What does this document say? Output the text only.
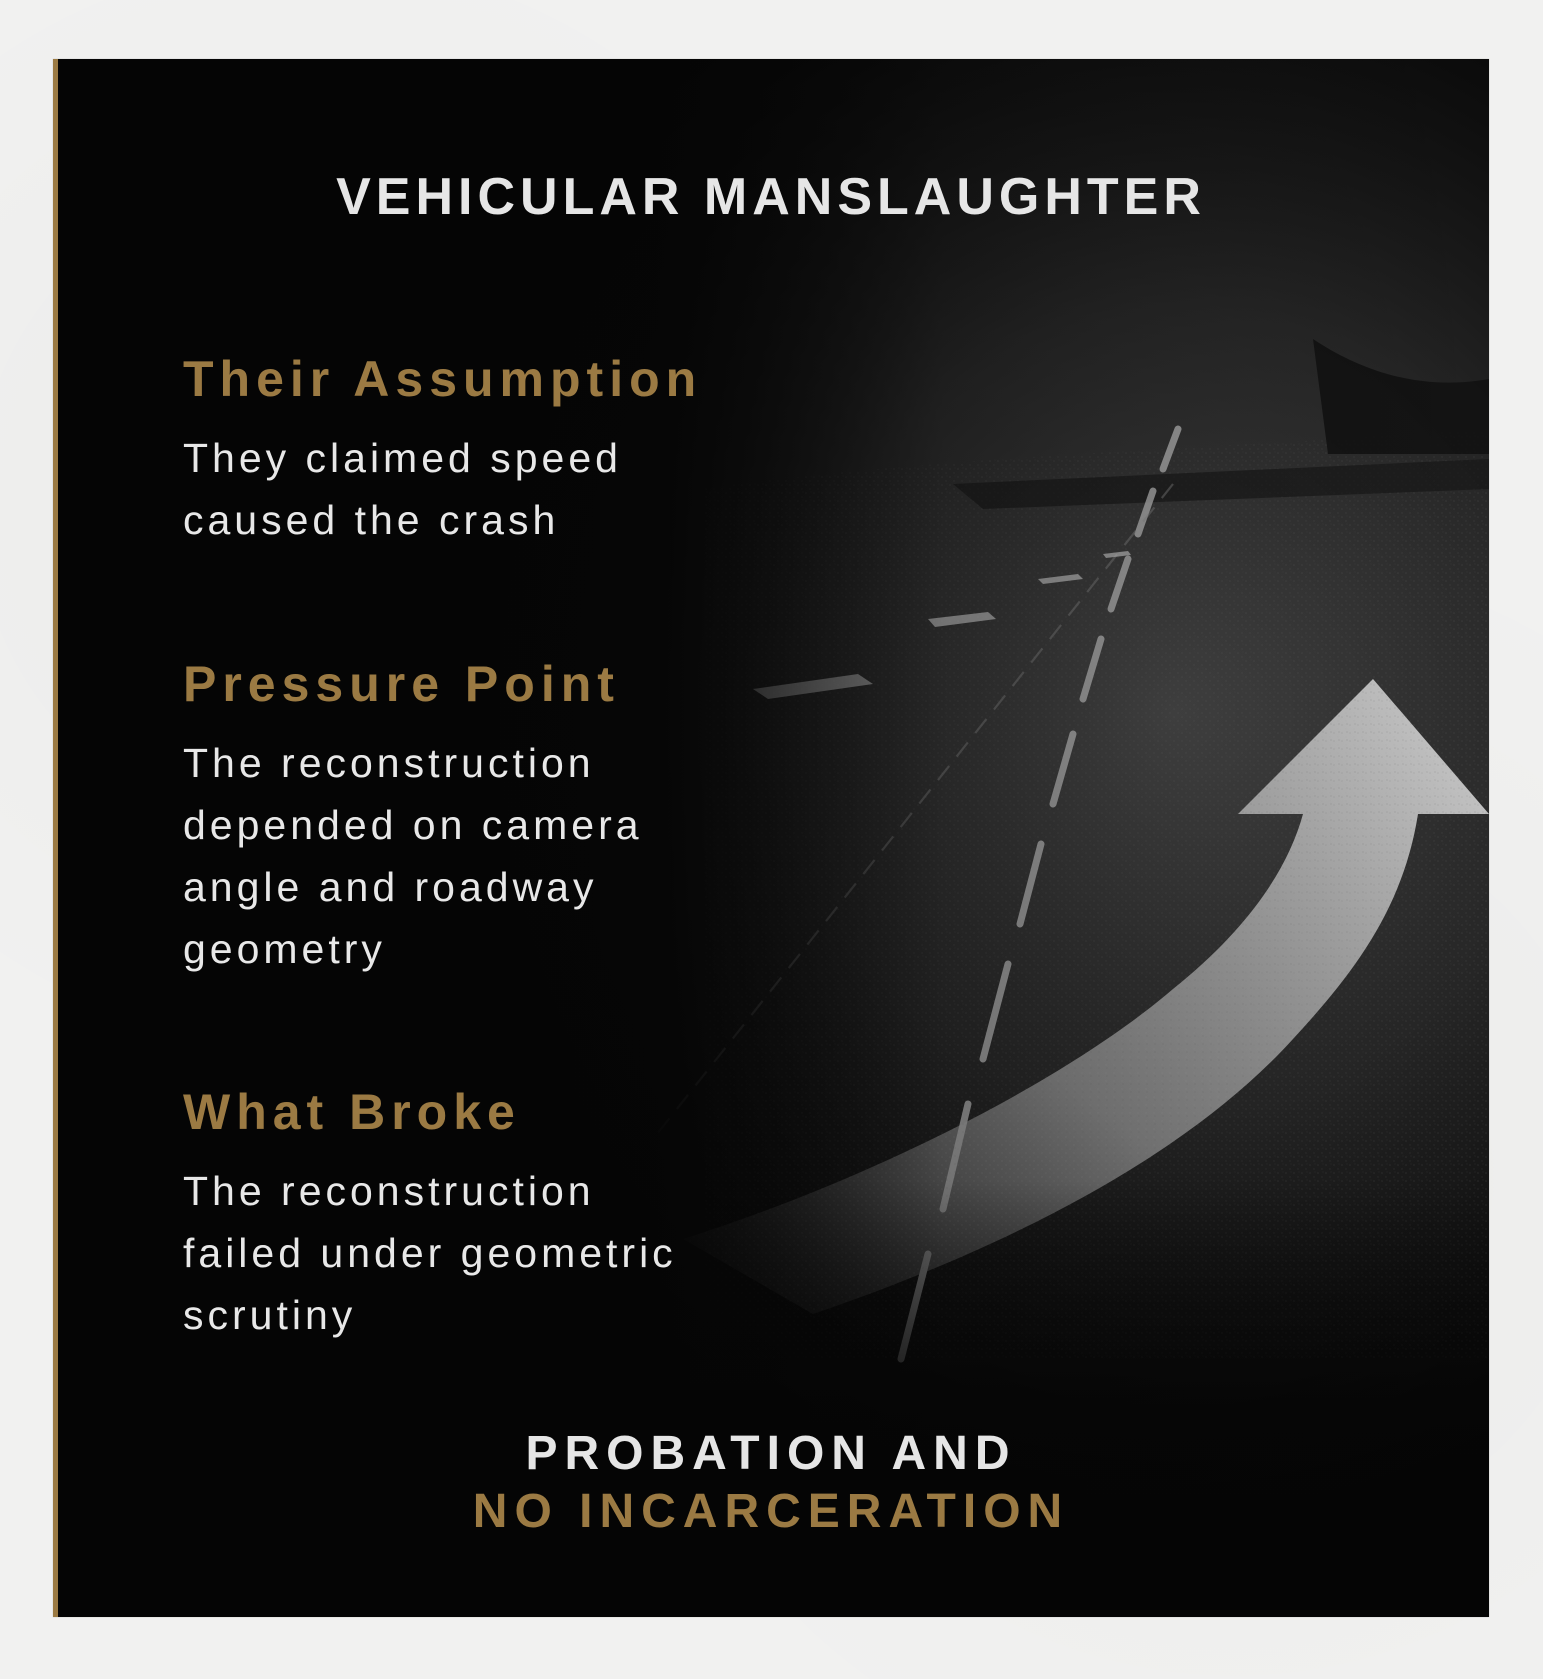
VEHICULAR MANSLAUGHTER
Their Assumption
They claimed speed
caused the crash
Pressure Point
The reconstruction
depended on camera
angle and roadway
geometry
What Broke
The reconstruction
failed under geometric
scrutiny
PROBATION AND
NO INCARCERATION
